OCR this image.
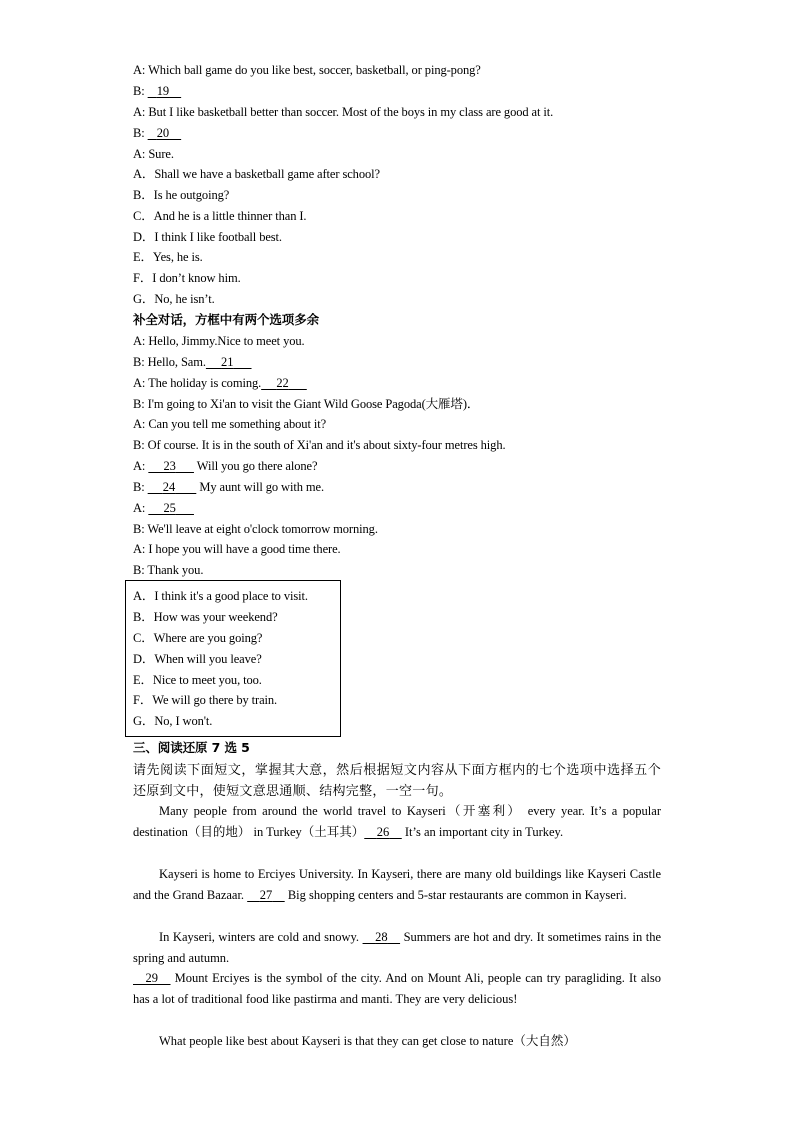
A: Which ball game do you like best, soccer, basketball, or ping-pong?
B:    19
A: But I like basketball better than soccer. Most of the boys in my class are good at it.
B:    20
A: Sure.
A．Shall we have a basketball game after school?
B．Is he outgoing?
C．And he is a little thinner than I.
D．I think I like football best.
E．Yes, he is.
F．I don’t know him.
G．No, he isn’t.
补全对话，方框中有两个选项多余
A: Hello, Jimmy.Nice to meet you.
B: Hello, Sam. 21
A: The holiday is coming. 22
B: I'm going to Xi'an to visit the Giant Wild Goose Pagoda(大雁塔)．
A: Can you tell me something about it?
B: Of course. It is in the south of Xi'an and it's about sixty-four metres high.
A: 23 Will you go there alone?
B: 24 My aunt will go with me.
A: 25
B: We'll leave at eight o'clock tomorrow morning.
A: I hope you will have a good time there.
B: Thank you.
A．I think it's a good place to visit.
B．How was your weekend?
C．Where are you going?
D．When will you leave?
E．Nice to meet you, too.
F．We will go there by train.
G．No, I won't.
三、阅读还原 7 选 5
请先阅读下面短文，掌握其大意，然后根据短文内容从下面方框内的七个选项中选择五个还原到文中，使短文意思通顺、结构完整，一空一句。
Many people from around the world travel to Kayseri（开塞利） every year. It’s a popular destination（目的地） in Turkey（土耳其） 26 It’s an important city in Turkey.
Kayseri is home to Erciyes University. In Kayseri, there are many old buildings like Kayseri Castle and the Grand Bazaar. 27 Big shopping centers and 5-star restaurants are common in Kayseri.
In Kayseri, winters are cold and snowy. 28 Summers are hot and dry. It sometimes rains in the spring and autumn.
29 Mount Erciyes is the symbol of the city. And on Mount Ali, people can try paragliding. It also has a lot of traditional food like pastirma and manti. They are very delicious!
What people like best about Kayseri is that they can get close to nature（大自然）
